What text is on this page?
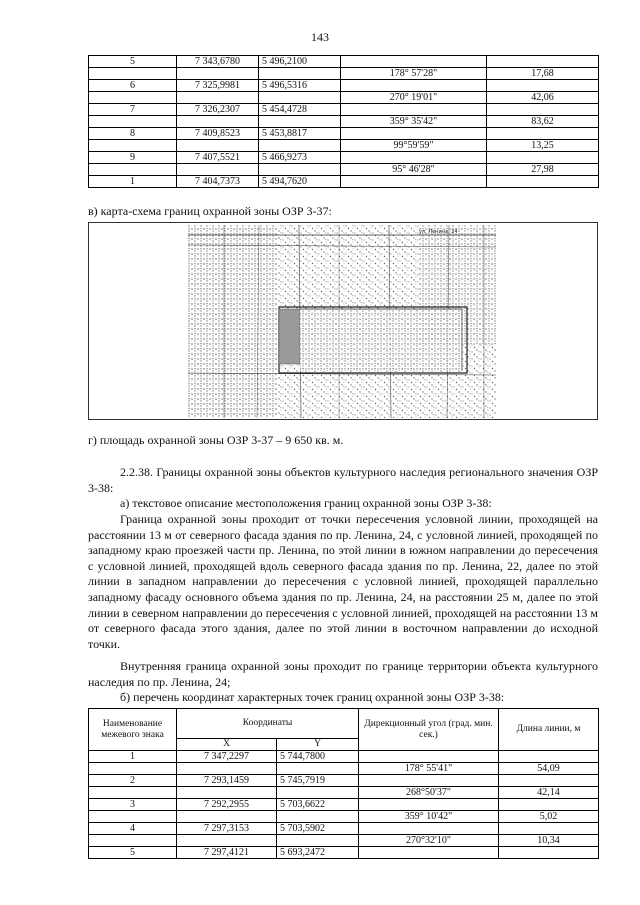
143
5	7 343,6780	5 496,2100		
			178° 57'28"	17,68
6	7 325,9981	5 496,5316		
			270° 19'01"	42,06
7	7 326,2307	5 454,4728		
			359° 35'42"	83,62
8	7 409,8523	5 453,8817		
			99°59'59"	13,25
9	7 407,5521	5 466,9273		
			95° 46'28"	27,98
1	7 404,7373	5 494,7620		
в) карта-схема границ охранной зоны ОЗР 3-37:
ул. Ленина, 24
г) площадь охранной зоны ОЗР 3-37 – 9 650 кв. м.
2.2.38. Границы охранной зоны объектов культурного наследия регионального значения ОЗР 3-38:
а) текстовое описание местоположения границ охранной зоны ОЗР 3-38:
Граница охранной зоны проходит от точки пересечения условной линии, проходящей на расстоянии 13 м от северного фасада здания по пр. Ленина, 24, с условной линией, проходящей по западному краю проезжей части пр. Ленина, по этой линии в южном направлении до пересечения с условной линией, проходящей вдоль северного фасада здания по пр. Ленина, 22, далее по этой линии в западном направлении до пересечения с условной линией, проходящей параллельно западному фасаду основного объема здания по пр. Ленина, 24, на расстоянии 25 м, далее по этой линии в северном направлении до пересечения с условной линией, проходящей на расстоянии 13 м от северного фасада этого здания, далее по этой линии в восточном направлении до исходной точки.
Внутренняя граница охранной зоны проходит по границе территории объекта культурного наследия по пр. Ленина, 24;
б) перечень координат характерных точек границ охранной зоны ОЗР 3-38:
Наименование межевого знака	Координаты		Дирекционный угол (град. мин. сек.)	Длина линии, м
	X	Y		
1	7 347,2297	5 744,7800		
			178° 55'41"	54,09
2	7 293,1459	5 745,7919		
			268°50'37"	42,14
3	7 292,2955	5 703,6622		
			359° 10'42"	5,02
4	7 297,3153	5 703,5902		
			270°32'10"	10,34
5	7 297,4121	5 693,2472		
